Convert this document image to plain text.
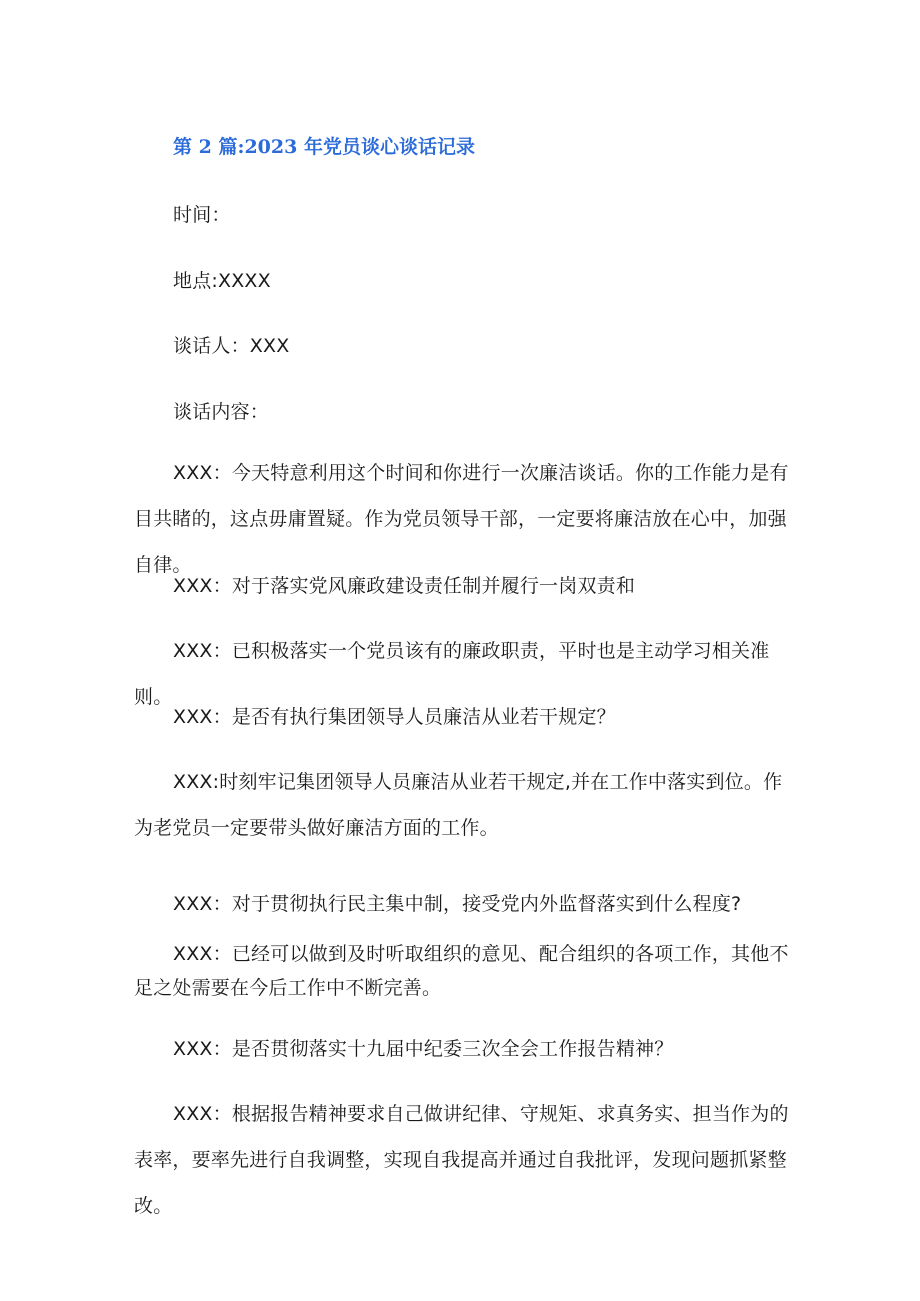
第 2 篇:2023 年党员谈心谈话记录
时间：
地点:XXXX
谈话人：XXX
谈话内容：
XXX：今天特意利用这个时间和你进行一次廉洁谈话。你的工作能力是有目共睹的，这点毋庸置疑。作为党员领导干部，一定要将廉洁放在心中，加强自律。
XXX：对于落实党风廉政建设责任制并履行一岗双责和
XXX：已积极落实一个党员该有的廉政职责，平时也是主动学习相关准则。
XXX：是否有执行集团领导人员廉洁从业若干规定？
XXX:时刻牢记集团领导人员廉洁从业若干规定,并在工作中落实到位。作为老党员一定要带头做好廉洁方面的工作。
XXX：对于贯彻执行民主集中制，接受党内外监督落实到什么程度?
XXX：已经可以做到及时听取组织的意见、配合组织的各项工作，其他不足之处需要在今后工作中不断完善。
XXX：是否贯彻落实十九届中纪委三次全会工作报告精神？
XXX：根据报告精神要求自己做讲纪律、守规矩、求真务实、担当作为的表率，要率先进行自我调整，实现自我提高并通过自我批评，发现问题抓紧整改。
